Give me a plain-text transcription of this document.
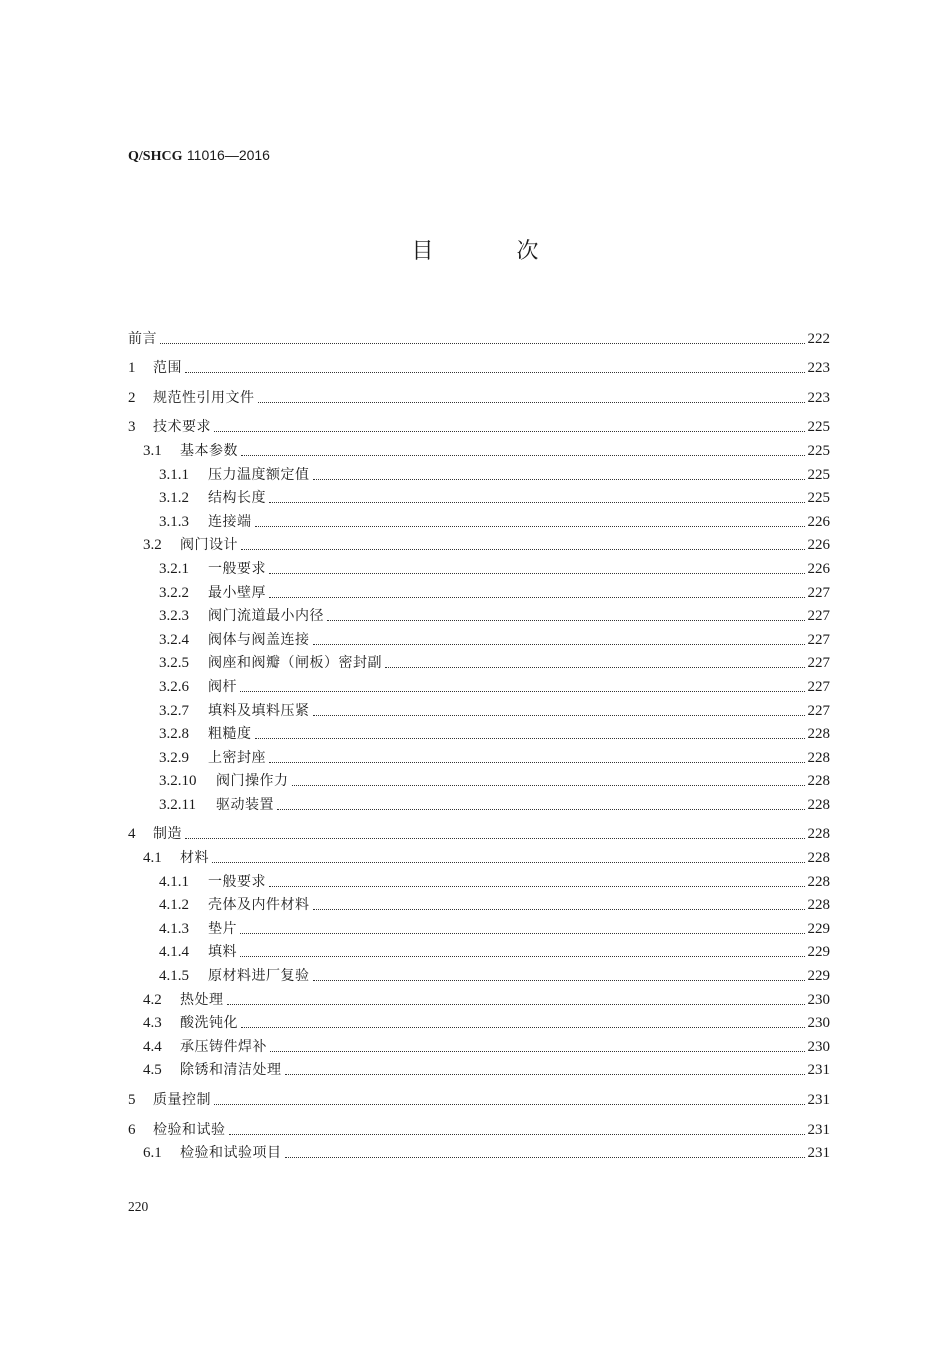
Q/SHCG 11016—2016
目 次
前言	222
1	范围	223
2	规范性引用文件	223
3	技术要求	225
3.1	基本参数	225
3.1.1	压力温度额定值	225
3.1.2	结构长度	225
3.1.3	连接端	226
3.2	阀门设计	226
3.2.1	一般要求	226
3.2.2	最小壁厚	227
3.2.3	阀门流道最小内径	227
3.2.4	阀体与阀盖连接	227
3.2.5	阀座和阀瓣（闸板）密封副	227
3.2.6	阀杆	227
3.2.7	填料及填料压紧	227
3.2.8	粗糙度	228
3.2.9	上密封座	228
3.2.10	阀门操作力	228
3.2.11	驱动装置	228
4	制造	228
4.1	材料	228
4.1.1	一般要求	228
4.1.2	壳体及内件材料	228
4.1.3	垫片	229
4.1.4	填料	229
4.1.5	原材料进厂复验	229
4.2	热处理	230
4.3	酸洗钝化	230
4.4	承压铸件焊补	230
4.5	除锈和清洁处理	231
5	质量控制	231
6	检验和试验	231
6.1	检验和试验项目	231
220
